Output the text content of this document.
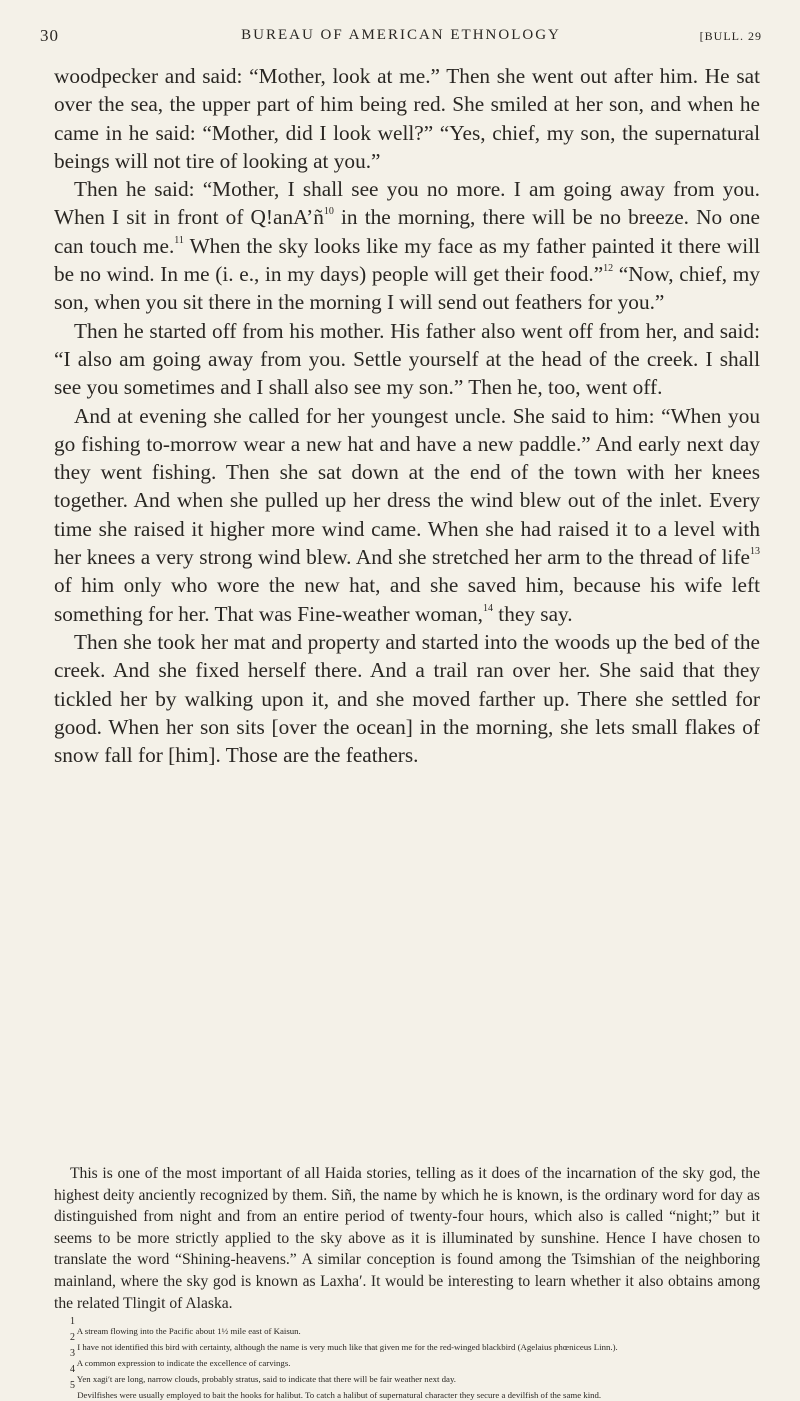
30	BUREAU OF AMERICAN ETHNOLOGY	[BULL. 29

woodpecker and said: “Mother, look at me.” Then she went out after him. He sat over the sea, the upper part of him being red. She smiled at her son, and when he came in he said: “Mother, did I look well?” “Yes, chief, my son, the supernatural beings will not tire of looking at you.”

Then he said: “Mother, I shall see you no more. I am going away from you. When I sit in front of $Q!anA’ñ^{10}$ in the morning, there will be no breeze. No one can touch me.$^{11}$ When the sky looks like my face as my father painted it there will be no wind. In me (i. e., in my days) people will get their food.”$^{12}$ “Now, chief, my son, when you sit there in the morning I will send out feathers for you.”

Then he started off from his mother. His father also went off from her, and said: “I also am going away from you. Settle yourself at the head of the creek. I shall see you sometimes and I shall also see my son.” Then he, too, went off.

And at evening she called for her youngest uncle. She said to him: “When you go fishing to-morrow wear a new hat and have a new paddle.” And early next day they went fishing. Then she sat down at the end of the town with her knees together. And when she pulled up her dress the wind blew out of the inlet. Every time she raised it higher more wind came. When she had raised it to a level with her knees a very strong wind blew. And she stretched her arm to the thread of life$^{13}$ of him only who wore the new hat, and she saved him, because his wife left something for her. That was Fine-weather woman,$^{14}$ they say.

Then she took her mat and property and started into the woods up the bed of the creek. And she fixed herself there. And a trail ran over her. She said that they tickled her by walking upon it, and she moved farther up. There she settled for good. When her son sits [over the ocean] in the morning, she lets small flakes of snow fall for [him]. Those are the feathers.

This is one of the most important of all Haida stories, telling as it does of the incarnation of the sky god, the highest deity anciently recognized by them. Siñ, the name by which he is known, is the ordinary word for day as distinguished from night and from an entire period of twenty-four hours, which also is called “night;” but it seems to be more strictly applied to the sky above as it is illuminated by sunshine. Hence I have chosen to translate the word “Shining-heavens.” A similar conception is found among the Tsimshian of the neighboring mainland, where the sky god is known as Laxha′. It would be interesting to learn whether it also obtains among the related Tlingit of Alaska.

$^1$ A stream flowing into the Pacific about 1½ mile east of Kaisun.

$^2$ I have not identified this bird with certainty, although the name is very much like that given me for the red-winged blackbird (Agelaius phœniceus Linn.).

$^3$ A common expression to indicate the excellence of carvings.

$^4$ Yen xagi′t are long, narrow clouds, probably stratus, said to indicate that there will be fair weather next day.

$^5$ Devilfishes were usually employed to bait the hooks for halibut. To catch a halibut of supernatural character they secure a devilfish of the same kind.
